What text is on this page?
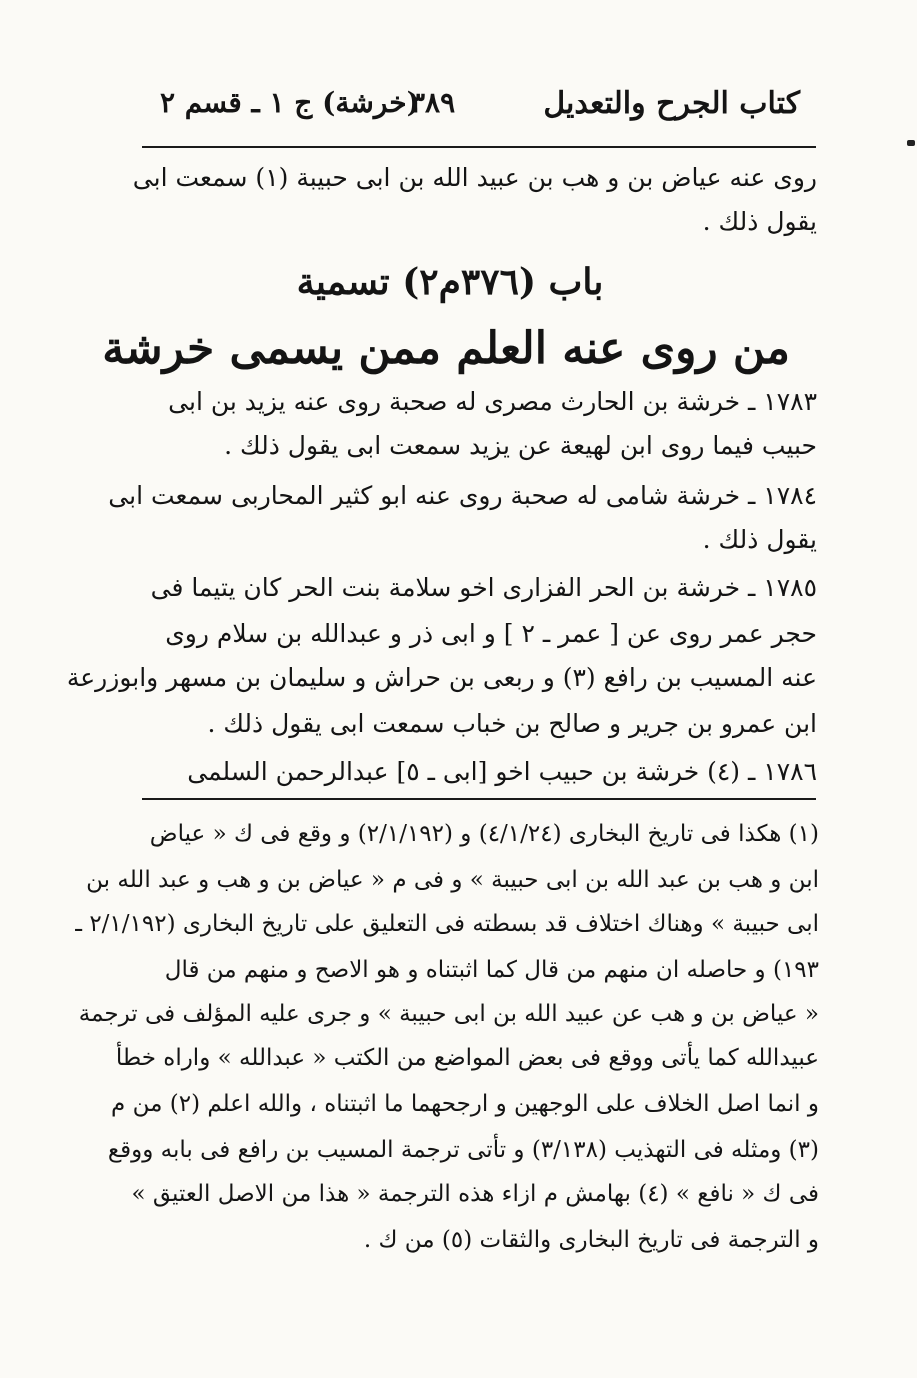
كتاب الجرح والتعديل
٣٨٩
(خرشة) ج ١ ـ قسم ٢
روى عنه عياض بن و هب بن عبيد الله بن ابى حبيبة (١) سمعت ابى
يقول ذلك .
باب (٣٧٦م٢) تسمية
من روى عنه العلم ممن يسمى خرشة
١٧٨٣ ـ خرشة بن الحارث مصرى له صحبة روى عنه يزيد بن ابى
حبيب فيما روى ابن لهيعة عن يزيد سمعت ابى يقول ذلك .
١٧٨٤ ـ خرشة شامى له صحبة روى عنه ابو كثير المحاربى سمعت ابى
يقول ذلك .
١٧٨٥ ـ خرشة بن الحر الفزارى اخو سلامة بنت الحر كان يتيما فى
حجر عمر روى عن [ عمر ـ ٢ ] و ابى ذر و عبدالله بن سلام روى
عنه المسيب بن رافع (٣) و ربعى بن حراش و سليمان بن مسهر وابوزرعة
ابن عمرو بن جرير و صالح بن خباب سمعت ابى يقول ذلك .
١٧٨٦ ـ (٤) خرشة بن حبيب اخو [ابى ـ ٥] عبدالرحمن السلمى
(١) هكذا فى تاريخ البخارى (٤/١/٢٤) و (٢/١/١٩٢) و وقع فى ك « عياض
ابن و هب بن عبد الله بن ابى حبيبة » و فى م « عياض بن و هب و عبد الله بن
ابى حبيبة » وهناك اختلاف قد بسطته فى التعليق على تاريخ البخارى (٢/١/١٩٢ ـ
١٩٣) و حاصله ان منهم من قال كما اثبتناه و هو الاصح و منهم من قال
« عياض بن و هب عن عبيد الله بن ابى حبيبة » و جرى عليه المؤلف فى ترجمة
عبيدالله كما يأتى ووقع فى بعض المواضع من الكتب « عبدالله » واراه خطأ
و انما اصل الخلاف على الوجهين و ارجحهما ما اثبتناه ، والله اعلم (٢) من م
(٣) ومثله فى التهذيب (٣/١٣٨) و تأتى ترجمة المسيب بن رافع فى بابه ووقع
فى ك « نافع » (٤) بهامش م ازاء هذه الترجمة « هذا من الاصل العتيق »
و الترجمة فى تاريخ البخارى والثقات (٥) من ك .
